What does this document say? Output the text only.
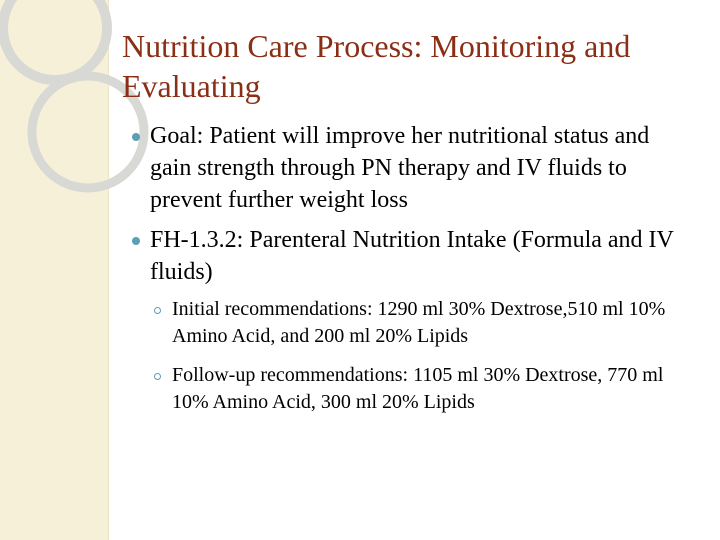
Nutrition Care Process: Monitoring and Evaluating
Goal: Patient will improve her nutritional status and gain strength through PN therapy and IV fluids to prevent further weight loss
FH-1.3.2: Parenteral Nutrition Intake (Formula and IV fluids)
Initial recommendations: 1290 ml 30% Dextrose,510 ml 10% Amino Acid, and 200 ml 20% Lipids
Follow-up recommendations: 1105 ml 30% Dextrose, 770 ml 10% Amino Acid, 300 ml 20% Lipids
